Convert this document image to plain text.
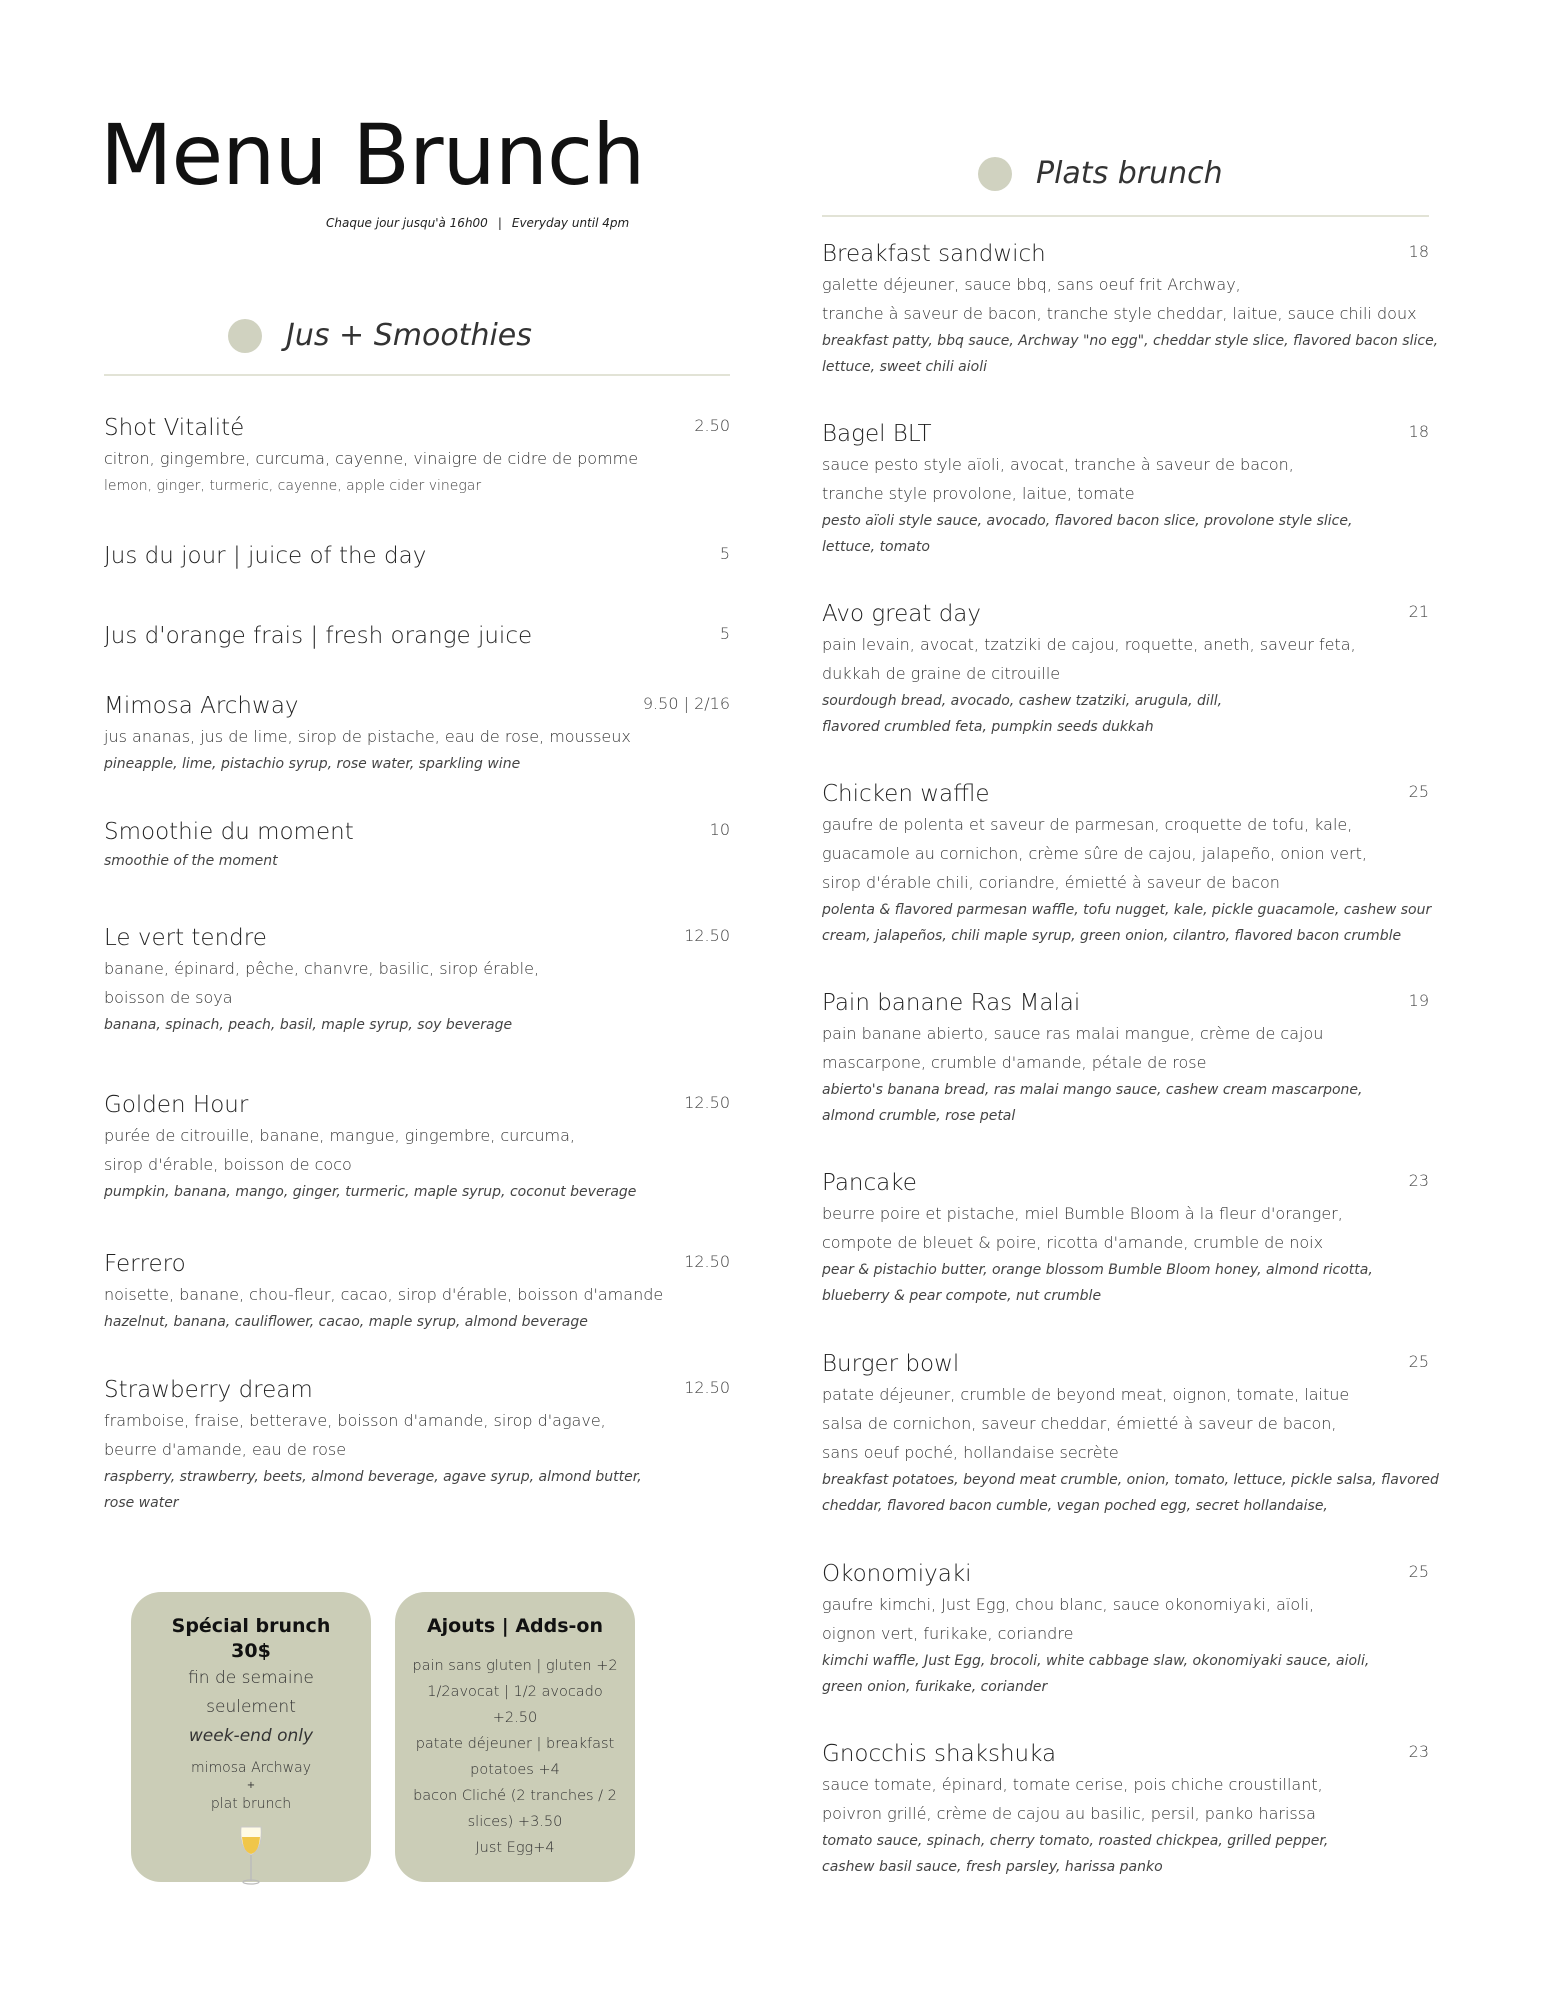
Menu Brunch
Chaque jour jusqu'à 16h00 | Everyday until 4pm
Jus + Smoothies
Plats brunch
Shot Vitalité	2.50
citron, gingembre, curcuma, cayenne, vinaigre de cidre de pomme
lemon, ginger, turmeric, cayenne, apple cider vinegar
Jus du jour | juice of the day	5
Jus d'orange frais | fresh orange juice	5
Mimosa Archway	9.50 | 2/16
jus ananas, jus de lime, sirop de pistache, eau de rose, mousseux
pineapple, lime, pistachio syrup, rose water, sparkling wine
Smoothie du moment	10
smoothie of the moment
Le vert tendre	12.50
banane, épinard, pêche, chanvre, basilic, sirop érable,
boisson de soya
banana, spinach, peach, basil, maple syrup, soy beverage
Golden Hour	12.50
purée de citrouille, banane, mangue, gingembre, curcuma,
sirop d'érable, boisson de coco
pumpkin, banana, mango, ginger, turmeric, maple syrup, coconut beverage
Ferrero	12.50
noisette, banane, chou-fleur, cacao, sirop d'érable, boisson d'amande
hazelnut, banana, cauliflower, cacao, maple syrup, almond beverage
Strawberry dream	12.50
framboise, fraise, betterave, boisson d'amande, sirop d'agave,
beurre d'amande, eau de rose
raspberry, strawberry, beets, almond beverage, agave syrup, almond butter,
rose water
Breakfast sandwich	18
galette déjeuner, sauce bbq, sans oeuf frit Archway,
tranche à saveur de bacon, tranche style cheddar, laitue, sauce chili doux
breakfast patty, bbq sauce, Archway "no egg", cheddar style slice, flavored bacon slice,
lettuce, sweet chili aioli
Bagel BLT	18
sauce pesto style aïoli, avocat, tranche à saveur de bacon,
tranche style provolone, laitue, tomate
pesto aïoli style sauce, avocado, flavored bacon slice, provolone style slice,
lettuce, tomato
Avo great day	21
pain levain, avocat, tzatziki de cajou, roquette, aneth, saveur feta,
dukkah de graine de citrouille
sourdough bread, avocado, cashew tzatziki, arugula, dill,
flavored crumbled feta, pumpkin seeds dukkah
Chicken waffle	25
gaufre de polenta et saveur de parmesan, croquette de tofu, kale,
guacamole au cornichon, crème sûre de cajou, jalapeño, onion vert,
sirop d'érable chili, coriandre, émietté à saveur de bacon
polenta & flavored parmesan waffle, tofu nugget, kale, pickle guacamole, cashew sour
cream, jalapeños, chili maple syrup, green onion, cilantro, flavored bacon crumble
Pain banane Ras Malai	19
pain banane abierto, sauce ras malai mangue, crème de cajou
mascarpone, crumble d'amande, pétale de rose
abierto's banana bread, ras malai mango sauce, cashew cream mascarpone,
almond crumble, rose petal
Pancake	23
beurre poire et pistache, miel Bumble Bloom à la fleur d'oranger,
compote de bleuet & poire, ricotta d'amande, crumble de noix
pear & pistachio butter, orange blossom Bumble Bloom honey, almond ricotta,
blueberry & pear compote, nut crumble
Burger bowl	25
patate déjeuner, crumble de beyond meat, oignon, tomate, laitue
salsa de cornichon, saveur cheddar, émietté à saveur de bacon,
sans oeuf poché, hollandaise secrète
breakfast potatoes, beyond meat crumble, onion, tomato, lettuce, pickle salsa, flavored
cheddar, flavored bacon cumble, vegan poched egg, secret hollandaise,
Okonomiyaki	25
gaufre kimchi, Just Egg, chou blanc, sauce okonomiyaki, aïoli,
oignon vert, furikake, coriandre
kimchi waffle, Just Egg, brocoli, white cabbage slaw, okonomiyaki sauce, aioli,
green onion, furikake, coriander
Gnocchis shakshuka	23
sauce tomate, épinard, tomate cerise, pois chiche croustillant,
poivron grillé, crème de cajou au basilic, persil, panko harissa
tomato sauce, spinach, cherry tomato, roasted chickpea, grilled pepper,
cashew basil sauce, fresh parsley, harissa panko
Spécial brunch
30$
fin de semaine seulement
week-end only
mimosa Archway
+
plat brunch
Ajouts | Adds-on
pain sans gluten | gluten +2
1/2avocat | 1/2 avocado +2.50
patate déjeuner | breakfast
potatoes +4
bacon Cliché (2 tranches / 2
slices) +3.50
Just Egg+4
